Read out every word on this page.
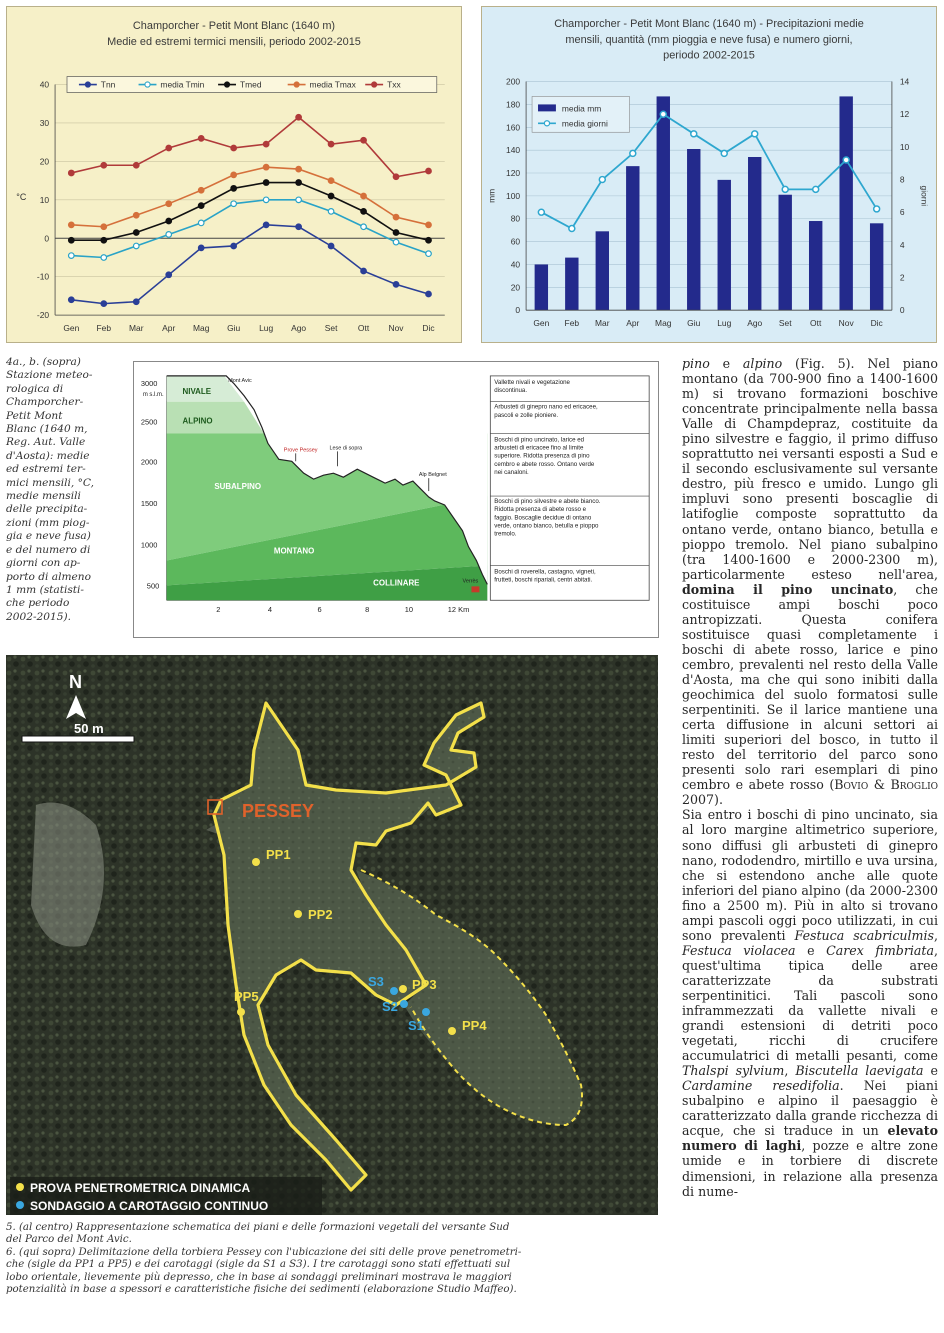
Champorcher - Petit Mont Blanc (1640 m)
Medie ed estremi termici mensili, periodo 2002-2015
-20
-10
0
10
20
30
40
°C
Gen Feb Mar Apr Mag Giu Lug Ago Set Ott Nov Dic
Tnn	media Tmin	Tmed	media Tmax	Txx
Champorcher - Petit Mont Blanc (1640 m) - Precipitazioni medie
mensili, quantità (mm pioggia e neve fusa) e numero giorni,
periodo 2002-2015
0
20
40
60
80
100
120
140
160
180
200
0
2
4
6
8
10
12
14
mm	giorni
Gen Feb Mar Apr Mag Giu Lug Ago Set Ott Nov Dic
media mm
media giorni
4a., b. (sopra)
Stazione meteo-
rologica di
Champorcher-
Petit Mont
Blanc (1640 m,
Reg. Aut. Valle
d'Aosta): medie
ed estremi ter-
mici mensili, °C,
medie mensili
delle precipita-
zioni (mm piog-
gia e neve fusa)
e del numero di
giorni con ap-
porto di almeno
1 mm (statisti-
che periodo
2002-2015).
3000
2500
2000
1500
1000
500
m s.l.m. NIVALE
ALPINO
SUBALPINO
MONTANO
COLLINARE
Mont Avic
Prove Pessey Lese di sopra
Alp Belgnet
Verrès
2	4	6	8	10	12 Km
Vallette nivali e vegetazione
discontinua.
Arbusteti di ginepro nano ed ericacee,
pascoli e zolle pioniere.
Boschi di pino uncinato, larice ed
arbusteti di ericacee fino al limite
superiore. Ridotta presenza di pino
cembro e abete rosso. Ontano verde
nei canaloni.
Boschi di pino silvestre e abete bianco.
Ridotta presenza di abete rosso e
faggio. Boscaglie decidue di ontano
verde, ontano bianco, betulla e pioppo
tremolo.
Boschi di roverella, castagno, vigneti,
frutteti, boschi ripariali, centri abitati.
N
50 m
PESSEY
PP1
PP2
PP3
PP4
PP5
S3
S2
S1
PROVA PENETROMETRICA DINAMICA
SONDAGGIO A CAROTAGGIO CONTINUO

5. (al centro) Rappresentazione schematica dei piani e delle formazioni vegetali del versante Sud

del Parco del Mont Avic.

6. (qui sopra) Delimitazione della torbiera Pessey con l'ubicazione dei siti delle prove penetrometri-

che (sigle da PP1 a PP5) e dei carotaggi (sigle da S1 a S3). I tre carotaggi sono stati effettuati sul

lobo orientale, lievemente più depresso, che in base ai sondaggi preliminari mostrava le maggiori

potenzialità in base a spessori e caratteristiche fisiche dei sedimenti (elaborazione Studio Maffeo).

pino e alpino (Fig. 5). Nel piano montano (da 700-900 fino a 1400-1600 m) si trovano formazioni boschive concentrate principalmente nella bassa Valle di Champdepraz, costituite da pino silvestre e faggio, il primo diffuso soprattutto nei versanti esposti a Sud e il secondo esclusivamente sul versante destro, più fresco e umido. Lungo gli impluvi sono presenti boscaglie di latifoglie composte soprattutto da ontano verde, ontano bianco, betulla e pioppo tremolo. Nel piano subalpino (tra 1400-1600 e 2000-2300 m), particolarmente esteso nell'area, domina il pino uncinato, che costituisce ampi boschi poco antropizzati. Questa conifera sostituisce quasi completamente i boschi di abete rosso, larice e pino cembro, prevalenti nel resto della Valle d'Aosta, ma che qui sono inibiti dalla geochimica del suolo formatosi sulle serpentiniti. Se il larice mantiene una certa diffusione in alcuni settori ai limiti superiori del bosco, in tutto il resto del territorio del parco sono presenti solo rari esemplari di pino cembro e abete rosso (Bovio & Broglio 2007).

Sia entro i boschi di pino uncinato, sia al loro margine altimetrico superiore, sono diffusi gli arbusteti di ginepro nano, rododendro, mirtillo e uva ursina, che si estendono anche alle quote inferiori del piano alpino (da 2000-2300 fino a 2500 m). Più in alto si trovano ampi pascoli oggi poco utilizzati, in cui sono prevalenti Festuca scabriculmis, Festuca violacea e Carex fimbriata, quest'ultima tipica delle aree caratterizzate da substrati serpentinitici. Tali pascoli sono inframmezzati da vallette nivali e grandi estensioni di detriti poco vegetati, ricchi di crucifere accumulatrici di metalli pesanti, come Thalspi sylvium, Biscutella laevigata e Cardamine resedifolia. Nei piani subalpino e alpino il paesaggio è caratterizzato dalla grande ricchezza di acque, che si traduce in un elevato numero di laghi, pozze e altre zone umide e in torbiere di discrete dimensioni, in relazione alla presenza di nume-
